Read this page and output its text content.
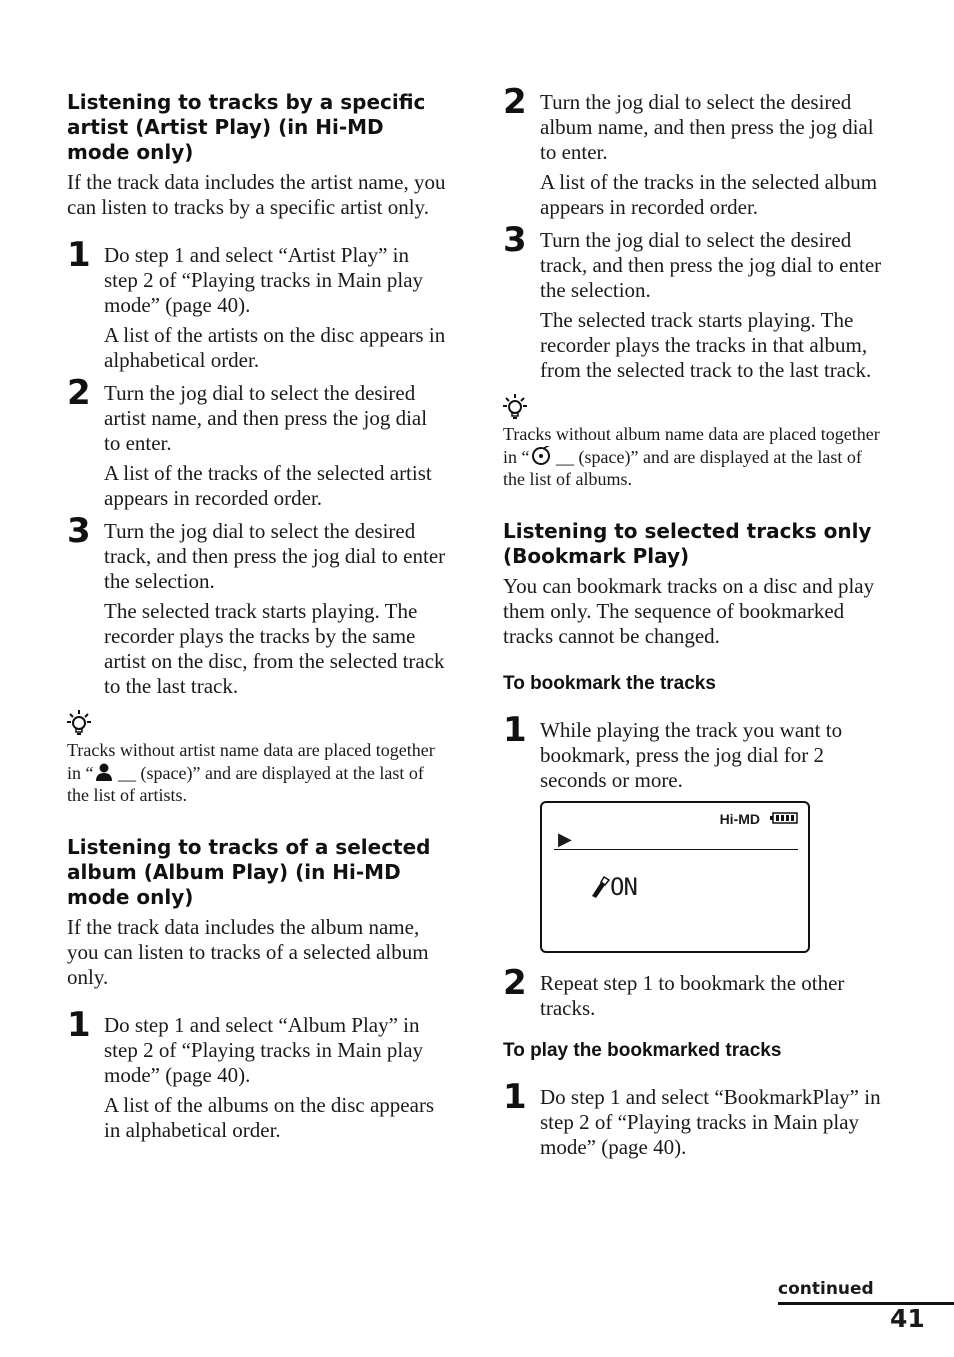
Listening to tracks by a specific artist (Artist Play) (in Hi-MD mode only)

If the track data includes the artist name, you can listen to tracks by a specific artist only.

1 Do step 1 and select “Artist Play” in step 2 of “Playing tracks in Main play mode” (page 40).

A list of the artists on the disc appears in alphabetical order.

2 Turn the jog dial to select the desired artist name, and then press the jog dial to enter.

A list of the tracks of the selected artist appears in recorded order.

3 Turn the jog dial to select the desired track, and then press the jog dial to enter the selection.

The selected track starts playing. The recorder plays the tracks by the same artist on the disc, from the selected track to the last track.

Tracks without artist name data are placed together in “ __ (space)” and are displayed at the last of the list of artists.

Listening to tracks of a selected album (Album Play) (in Hi-MD mode only)

If the track data includes the album name, you can listen to tracks of a selected album only.

1 Do step 1 and select “Album Play” in step 2 of “Playing tracks in Main play mode” (page 40).

A list of the albums on the disc appears in alphabetical order.

2 Turn the jog dial to select the desired album name, and then press the jog dial to enter.

A list of the tracks in the selected album appears in recorded order.

3 Turn the jog dial to select the desired track, and then press the jog dial to enter the selection.

The selected track starts playing. The recorder plays the tracks in that album, from the selected track to the last track.

Tracks without album name data are placed together in “ __ (space)” and are displayed at the last of the list of albums.

Listening to selected tracks only (Bookmark Play)

You can bookmark tracks on a disc and play them only. The sequence of bookmarked tracks cannot be changed.

To bookmark the tracks
1 While playing the track you want to bookmark, press the jog dial for 2 seconds or more.

Hi-MD
▶
ON
2 Repeat step 1 to bookmark the other tracks.

To play the bookmarked tracks
1 Do step 1 and select “BookmarkPlay” in step 2 of “Playing tracks in Main play mode” (page 40).

continued
41
